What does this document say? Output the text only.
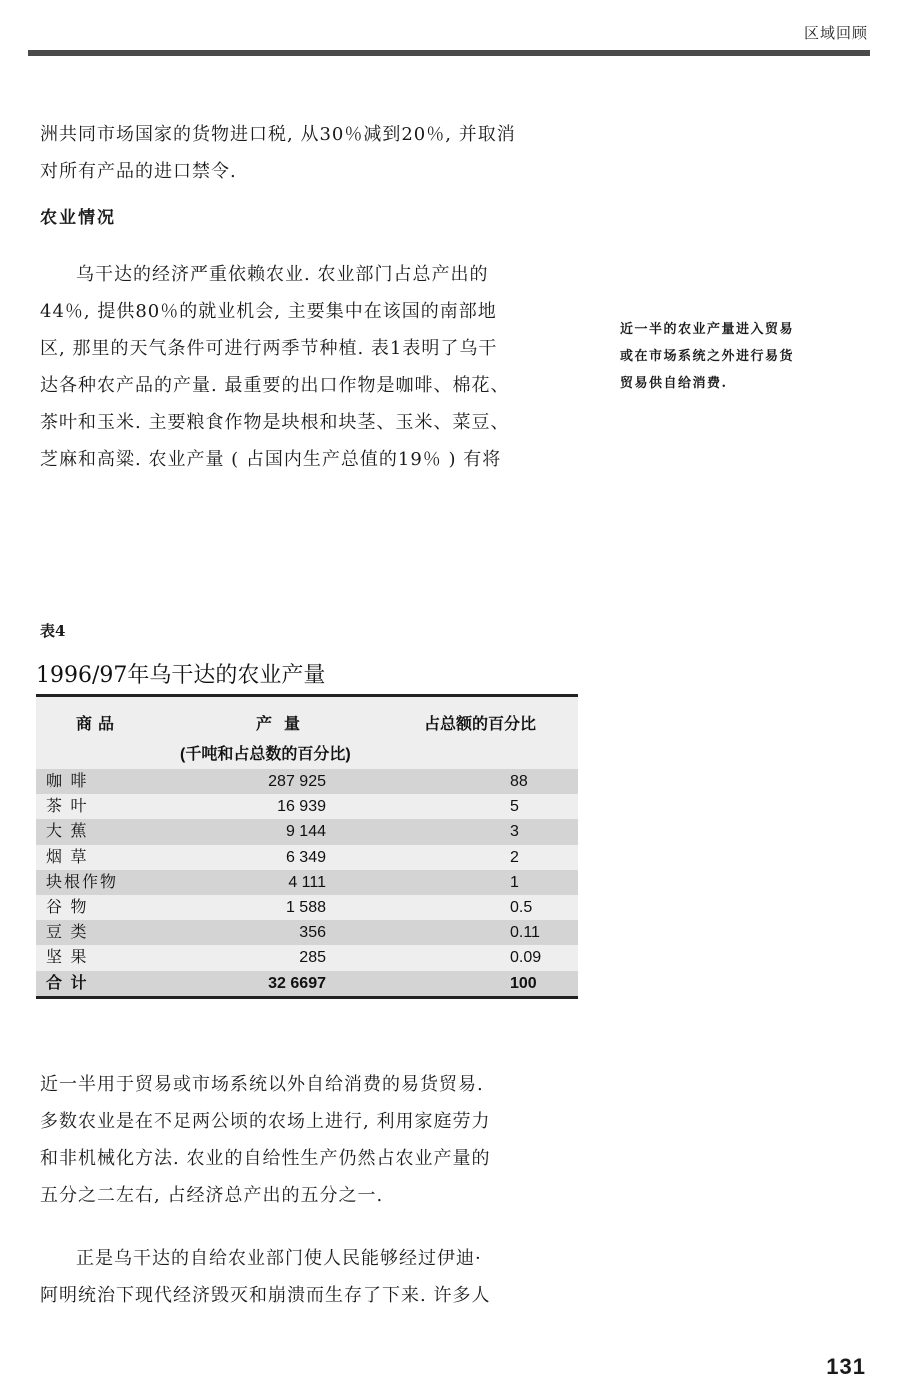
区域回顾

洲共同市场国家的货物进口税, 从30％减到20％, 并取消

对所有产品的进口禁令.

农业情况

乌干达的经济严重依赖农业. 农业部门占总产出的

44％, 提供80％的就业机会, 主要集中在该国的南部地

区, 那里的天气条件可进行两季节种植. 表1表明了乌干

达各种农产品的产量. 最重要的出口作物是咖啡、棉花、

茶叶和玉米. 主要粮食作物是块根和块茎、玉米、菜豆、

芝麻和高粱. 农业产量 ( 占国内生产总值的19％ ) 有将

近一半的农业产量进入贸易
或在市场系统之外进行易货
贸易供自给消费.
表4
1996/97年乌干达的农业产量
商品	产量	占总额的百分比
(千吨和占总数的百分比)
咖 啡	287 925	88
茶 叶	16 939	5
大 蕉	9 144	3
烟 草	6 349	2
块根作物	4 111	1
谷 物	1 588	0.5
豆 类	356	0.11
坚 果	285	0.09
合 计	32 6697	100

近一半用于贸易或市场系统以外自给消费的易货贸易.

多数农业是在不足两公顷的农场上进行, 利用家庭劳力

和非机械化方法. 农业的自给性生产仍然占农业产量的

五分之二左右, 占经济总产出的五分之一.

正是乌干达的自给农业部门使人民能够经过伊迪·

阿明统治下现代经济毁灭和崩溃而生存了下来. 许多人

131
